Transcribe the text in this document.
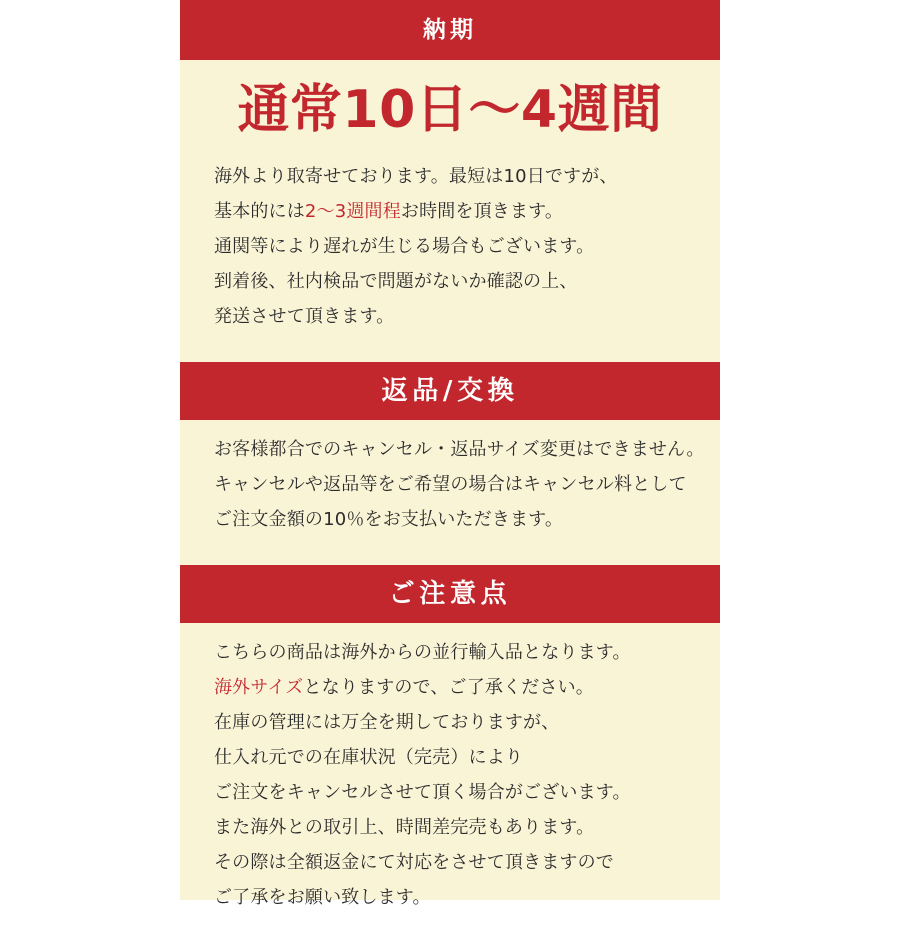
納期
通常10日〜4週間
海外より取寄せております。最短は10日ですが、
基本的には2〜3週間程お時間を頂きます。
通関等により遅れが生じる場合もございます。
到着後、社内検品で問題がないか確認の上、
発送させて頂きます。
返品/交換
お客様都合でのキャンセル・返品サイズ変更はできません。
キャンセルや返品等をご希望の場合はキャンセル料として
ご注文金額の10％をお支払いただきます。
ご注意点
こちらの商品は海外からの並行輸入品となります。
海外サイズとなりますので、ご了承ください。
在庫の管理には万全を期しておりますが、
仕入れ元での在庫状況（完売）により
ご注文をキャンセルさせて頂く場合がございます。
また海外との取引上、時間差完売もあります。
その際は全額返金にて対応をさせて頂きますので
ご了承をお願い致します。
